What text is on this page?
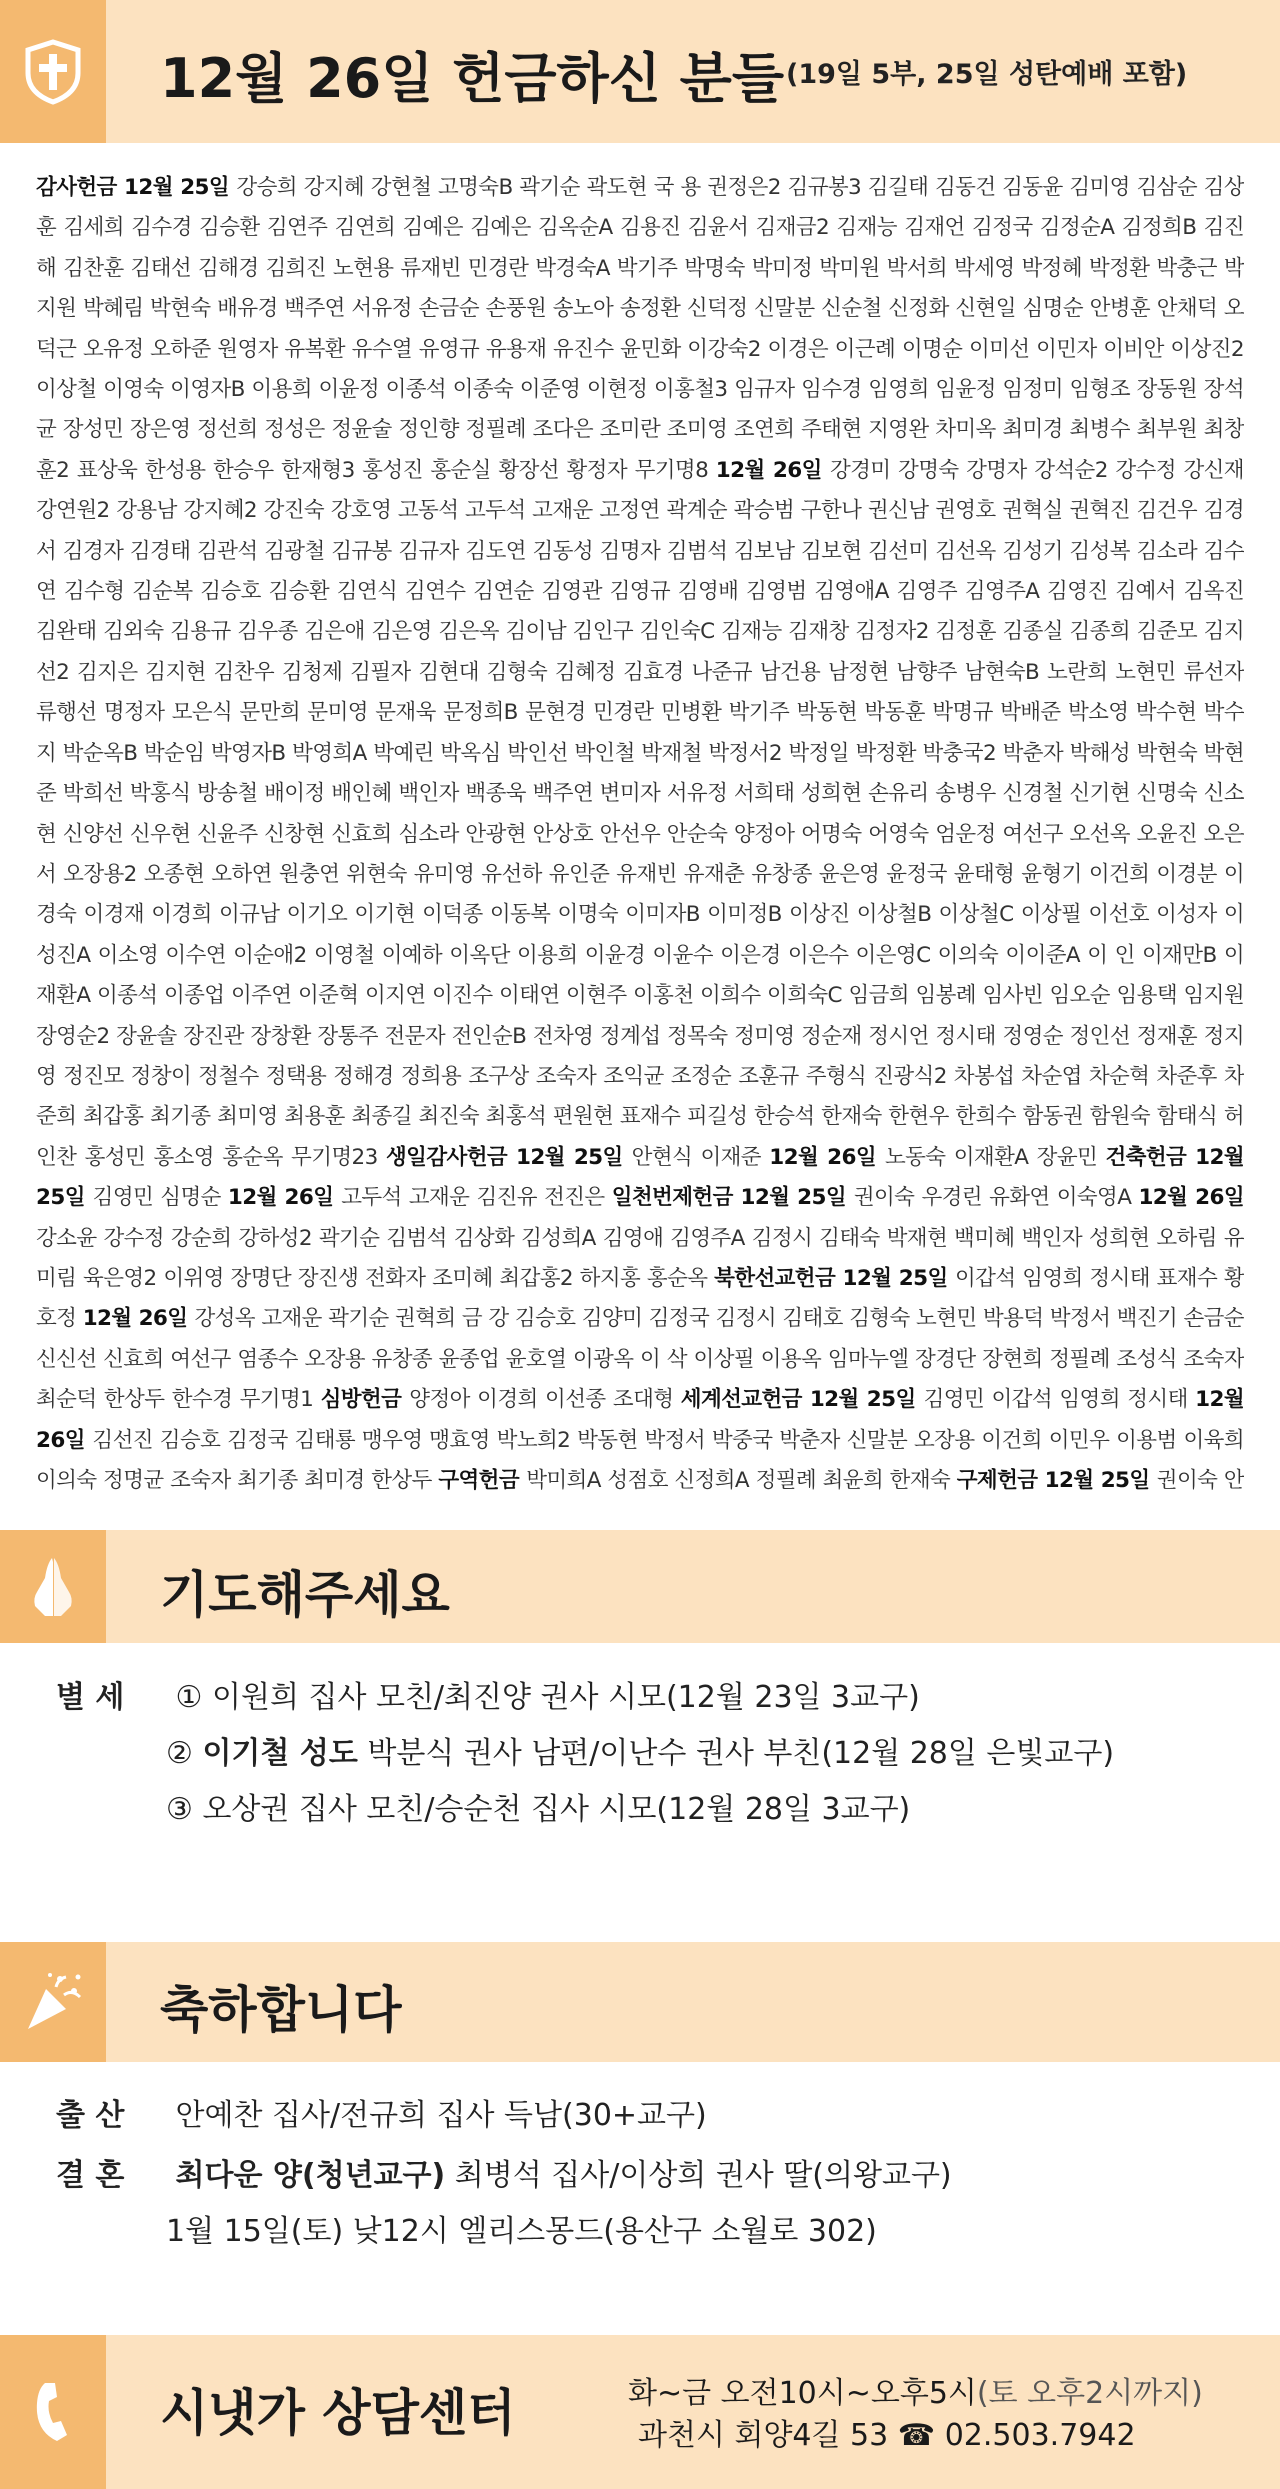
12월 26일 헌금하신 분들 (19일 5부, 25일 성탄예배 포함)
감사헌금 12월 25일 강승희 강지혜 강현철 고명숙B 곽기순 곽도현 국 용 권정은2 김규봉3 김길태 김동건 김동윤 김미영 김삼순 김상훈 김세희 김수경 김승환 김연주 김연희 김예은 김예은 김옥순A 김용진 김윤서 김재금2 김재능 김재언 김정국 김정순A 김정희B 김진해 김찬훈 김태선 김해경 김희진 노현용 류재빈 민경란 박경숙A 박기주 박명숙 박미정 박미원 박서희 박세영 박정혜 박정환 박충근 박지원 박혜림 박현숙 배유경 백주연 서유정 손금순 손풍원 송노아 송정환 신덕정 신말분 신순철 신정화 신현일 심명순 안병훈 안채덕 오덕근 오유정 오하준 원영자 유복환 유수열 유영규 유용재 유진수 윤민화 이강숙2 이경은 이근례 이명순 이미선 이민자 이비안 이상진2 이상철 이영숙 이영자B 이용희 이윤정 이종석 이종숙 이준영 이현정 이홍철3 임규자 임수경 임영희 임윤정 임정미 임형조 장동원 장석균 장성민 장은영 정선희 정성은 정윤술 정인향 정필례 조다은 조미란 조미영 조연희 주태현 지영완 차미옥 최미경 최병수 최부원 최창훈2 표상욱 한성용 한승우 한재형3 홍성진 홍순실 황장선 황정자 무기명8 12월 26일 강경미 강명숙 강명자 강석순2 강수정 강신재 강연원2 강용남 강지혜2 강진숙 강호영 고동석 고두석 고재운 고정연 곽계순 곽승범 구한나 권신남 권영호 권혁실 권혁진 김건우 김경서 김경자 김경태 김관석 김광철 김규봉 김규자 김도연 김동성 김명자 김범석 김보남 김보현 김선미 김선옥 김성기 김성복 김소라 김수연 김수형 김순복 김승호 김승환 김연식 김연수 김연순 김영관 김영규 김영배 김영범 김영애A 김영주 김영주A 김영진 김예서 김옥진 김완태 김외숙 김용규 김우종 김은애 김은영 김은옥 김이남 김인구 김인숙C 김재능 김재창 김정자2 김정훈 김종실 김종희 김준모 김지선2 김지은 김지현 김찬우 김청제 김필자 김현대 김형숙 김혜정 김효경 나준규 남건용 남정현 남향주 남현숙B 노란희 노현민 류선자 류행선 명정자 모은식 문만희 문미영 문재욱 문정희B 문현경 민경란 민병환 박기주 박동현 박동훈 박명규 박배준 박소영 박수현 박수지 박순옥B 박순임 박영자B 박영희A 박예린 박옥심 박인선 박인철 박재철 박정서2 박정일 박정환 박충국2 박춘자 박해성 박현숙 박현준 박희선 박홍식 방송철 배이정 배인혜 백인자 백종욱 백주연 변미자 서유정 서희태 성희현 손유리 송병우 신경철 신기현 신명숙 신소현 신양선 신우현 신윤주 신창현 신효희 심소라 안광현 안상호 안선우 안순숙 양정아 어명숙 어영숙 엄운정 여선구 오선옥 오윤진 오은서 오장용2 오종현 오하연 원충연 위현숙 유미영 유선하 유인준 유재빈 유재춘 유창종 윤은영 윤정국 윤태형 윤형기 이건희 이경분 이경숙 이경재 이경희 이규남 이기오 이기현 이덕종 이동복 이명숙 이미자B 이미정B 이상진 이상철B 이상철C 이상필 이선호 이성자 이성진A 이소영 이수연 이순애2 이영철 이예하 이옥단 이용희 이윤경 이윤수 이은경 이은수 이은영C 이의숙 이이준A 이 인 이재만B 이재환A 이종석 이종업 이주연 이준혁 이지연 이진수 이태연 이현주 이홍천 이희수 이희숙C 임금희 임봉례 임사빈 임오순 임용택 임지원 장영순2 장윤솔 장진관 장창환 장통주 전문자 전인순B 전차영 정계섭 정목숙 정미영 정순재 정시언 정시태 정영순 정인선 정재훈 정지영 정진모 정창이 정철수 정택용 정해경 정희용 조구상 조숙자 조익균 조정순 조훈규 주형식 진광식2 차봉섭 차순엽 차순혁 차준후 차준희 최갑홍 최기종 최미영 최용훈 최종길 최진숙 최홍석 편원현 표재수 피길성 한승석 한재숙 한현우 한희수 함동권 함원숙 함태식 허인찬 홍성민 홍소영 홍순옥 무기명23 생일감사헌금 12월 25일 안현식 이재준 12월 26일 노동숙 이재환A 장윤민 건축헌금 12월 25일 김영민 심명순 12월 26일 고두석 고재운 김진유 전진은 일천번제헌금 12월 25일 권이숙 우경린 유화연 이숙영A 12월 26일 강소윤 강수정 강순희 강하성2 곽기순 김범석 김상화 김성희A 김영애 김영주A 김정시 김태숙 박재현 백미혜 백인자 성희현 오하림 유미림 육은영2 이위영 장명단 장진생 전화자 조미혜 최갑홍2 하지홍 홍순옥 북한선교헌금 12월 25일 이갑석 임영희 정시태 표재수 황호정 12월 26일 강성옥 고재운 곽기순 권혁희 금 강 김승호 김양미 김정국 김정시 김태호 김형숙 노현민 박용덕 박정서 백진기 손금순 신신선 신효희 여선구 염종수 오장용 유창종 윤종업 윤호열 이광옥 이 삭 이상필 이용옥 임마누엘 장경단 장현희 정필례 조성식 조숙자 최순덕 한상두 한수경 무기명1 심방헌금 양정아 이경희 이선종 조대형 세계선교헌금 12월 25일 김영민 이갑석 임영희 정시태 12월 26일 김선진 김승호 김정국 김태룡 맹우영 맹효영 박노희2 박동현 박정서 박중국 박춘자 신말분 오장용 이건희 이민우 이용범 이육희 이의숙 정명균 조숙자 최기종 최미경 한상두 구역헌금 박미희A 성점호 신정희A 정필례 최윤희 한재숙 구제헌금 12월 25일 권이숙 안
기도해주세요
별 세 ① 이원희 집사 모친/최진양 권사 시모(12월 23일 3교구)
② 이기철 성도 박분식 권사 남편/이난수 권사 부친(12월 28일 은빛교구)
③ 오상권 집사 모친/승순천 집사 시모(12월 28일 3교구)
축하합니다
출 산 안예찬 집사/전규희 집사 득남(30+교구)
결 혼 최다운 양(청년교구) 최병석 집사/이상희 권사 딸(의왕교구)
1월 15일(토) 낮12시 엘리스몽드(용산구 소월로 302)
시냇가 상담센터	화~금 오전10시~오후5시(토 오후2시까지)
과천시 회양4길 53 ☎ 02.503.7942
